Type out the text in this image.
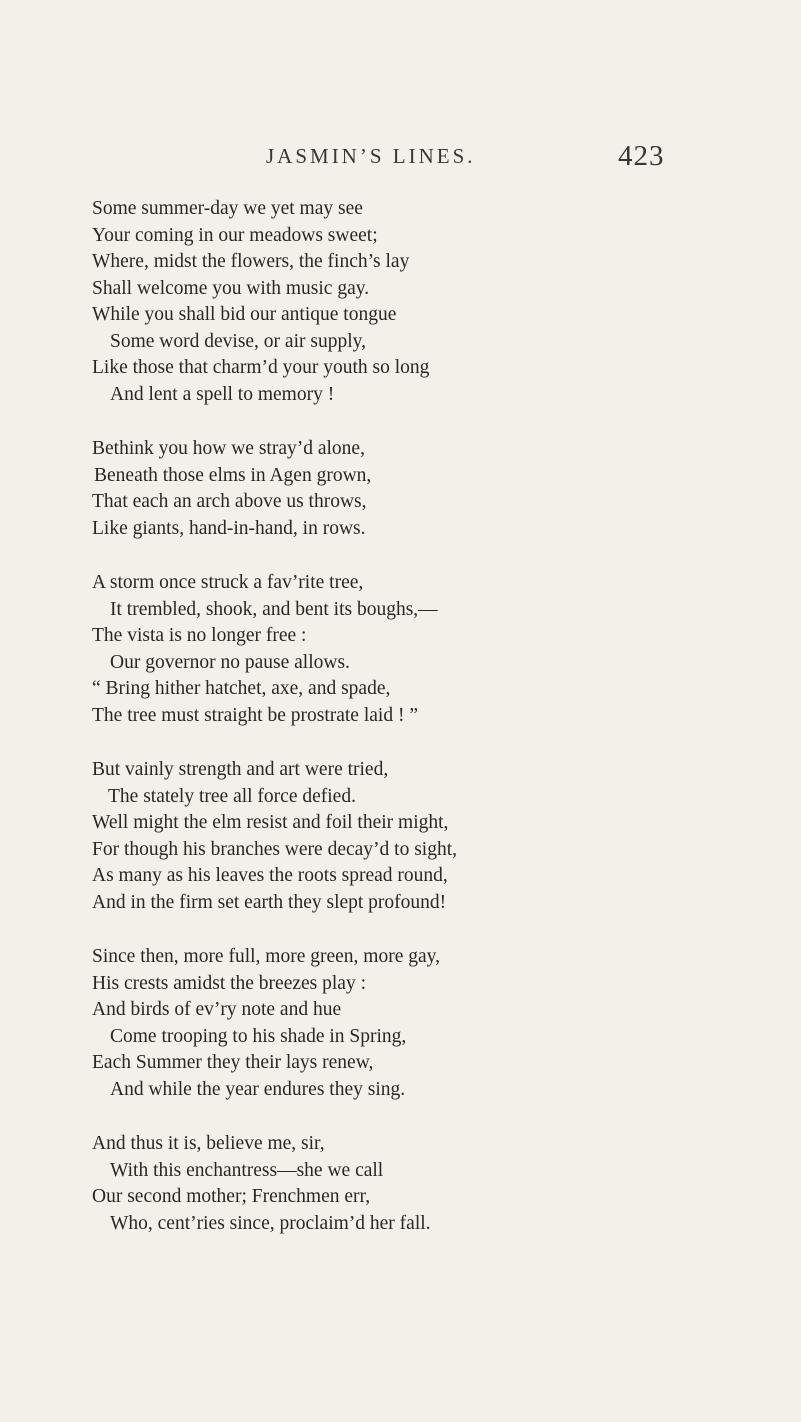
JASMIN’S LINES.	423
Some summer-day we yet may see
Your coming in our meadows sweet;
Where, midst the flowers, the finch’s lay
Shall welcome you with music gay.
While you shall bid our antique tongue
Some word devise, or air supply,
Like those that charm’d your youth so long
And lent a spell to memory !
Bethink you how we stray’d alone,
Beneath those elms in Agen grown,
That each an arch above us throws,
Like giants, hand-in-hand, in rows.
A storm once struck a fav’rite tree,
It trembled, shook, and bent its boughs,—
The vista is no longer free :
Our governor no pause allows.
“ Bring hither hatchet, axe, and spade,
The tree must straight be prostrate laid ! ”
But vainly strength and art were tried,
The stately tree all force defied.
Well might the elm resist and foil their might,
For though his branches were decay’d to sight,
As many as his leaves the roots spread round,
And in the firm set earth they slept profound!
Since then, more full, more green, more gay,
His crests amidst the breezes play :
And birds of ev’ry note and hue
Come trooping to his shade in Spring,
Each Summer they their lays renew,
And while the year endures they sing.
And thus it is, believe me, sir,
With this enchantress—she we call
Our second mother; Frenchmen err,
Who, cent’ries since, proclaim’d her fall.
